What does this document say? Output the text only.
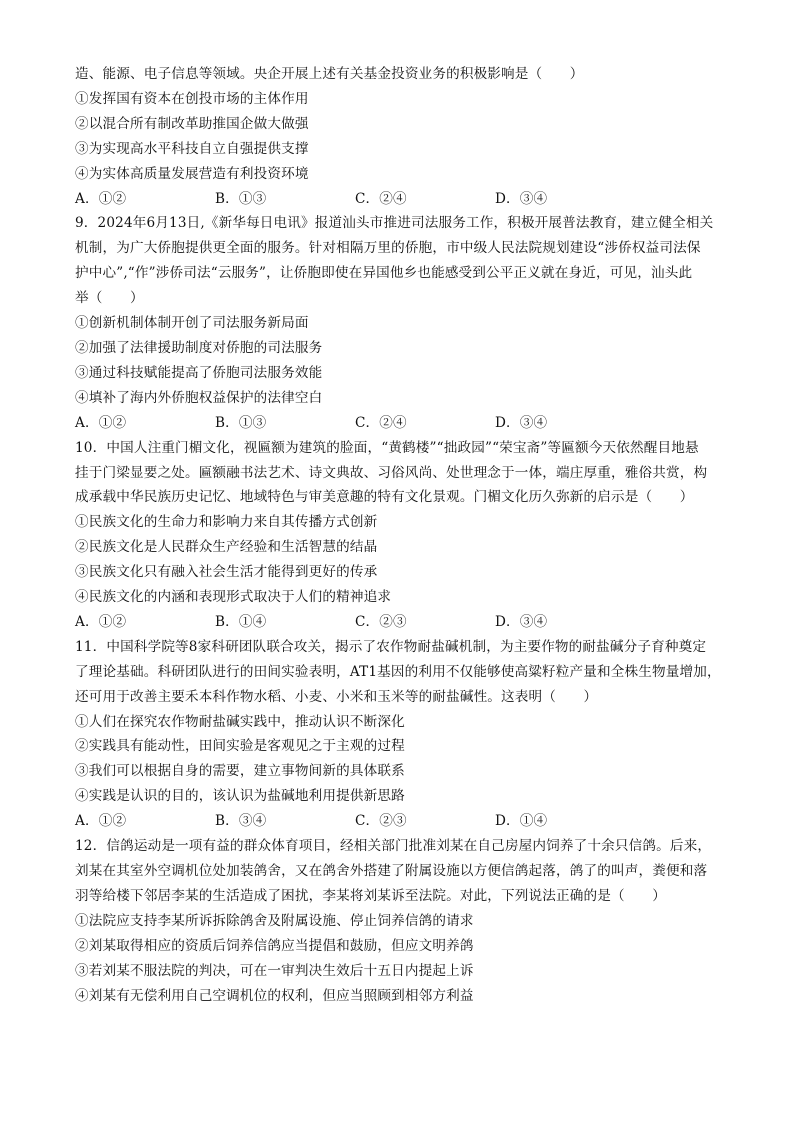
造、能源、电子信息等领域。央企开展上述有关基金投资业务的积极影响是（　　）
①发挥国有资本在创投市场的主体作用
②以混合所有制改革助推国企做大做强
③为实现高水平科技自立自强提供支撑
④为实体高质量发展营造有利投资环境
A．①②	B．①③	C．②④	D．③④
9．2024年6月13日,《新华每日电讯》报道汕头市推进司法服务工作，积极开展普法教育，建立健全相关
机制，为广大侨胞提供更全面的服务。针对相隔万里的侨胞，市中级人民法院规划建设“涉侨权益司法保
护中心”,“作”涉侨司法“云服务”，让侨胞即使在异国他乡也能感受到公平正义就在身近，可见，汕头此
举（　　）
①创新机制体制开创了司法服务新局面
②加强了法律援助制度对侨胞的司法服务
③通过科技赋能提高了侨胞司法服务效能
④填补了海内外侨胞权益保护的法律空白
A．①②	B．①③	C．②④	D．③④
10．中国人注重门楣文化，视匾额为建筑的脸面，“黄鹤楼”“拙政园”“荣宝斋”等匾额今天依然醒目地悬
挂于门梁显要之处。匾额融书法艺术、诗文典故、习俗风尚、处世理念于一体，端庄厚重，雅俗共赏，构
成承载中华民族历史记忆、地域特色与审美意趣的特有文化景观。门楣文化历久弥新的启示是（　　）
①民族文化的生命力和影响力来自其传播方式创新
②民族文化是人民群众生产经验和生活智慧的结晶
③民族文化只有融入社会生活才能得到更好的传承
④民族文化的内涵和表现形式取决于人们的精神追求
A．①②	B．①④	C．②③	D．③④
11．中国科学院等8家科研团队联合攻关，揭示了农作物耐盐碱机制，为主要作物的耐盐碱分子育种奠定
了理论基础。科研团队进行的田间实验表明，AT1基因的利用不仅能够使高粱籽粒产量和全株生物量增加，
还可用于改善主要禾本科作物水稻、小麦、小米和玉米等的耐盐碱性。这表明（　　）
①人们在探究农作物耐盐碱实践中，推动认识不断深化
②实践具有能动性，田间实验是客观见之于主观的过程
③我们可以根据自身的需要，建立事物间新的具体联系
④实践是认识的目的，该认识为盐碱地利用提供新思路
A．①②	B．③④	C．②③	D．①④
12．信鸽运动是一项有益的群众体育项目，经相关部门批准刘某在自己房屋内饲养了十余只信鸽。后来，
刘某在其室外空调机位处加装鸽舍，又在鸽舍外搭建了附属设施以方便信鸽起落，鸽了的叫声，粪便和落
羽等给楼下邻居李某的生活造成了困扰，李某将刘某诉至法院。对此，下列说法正确的是（　　）
①法院应支持李某所诉拆除鸽舍及附属设施、停止饲养信鸽的请求
②刘某取得相应的资质后饲养信鸽应当提倡和鼓励，但应文明养鸽
③若刘某不服法院的判决，可在一审判决生效后十五日内提起上诉
④刘某有无偿利用自己空调机位的权利，但应当照顾到相邻方利益
